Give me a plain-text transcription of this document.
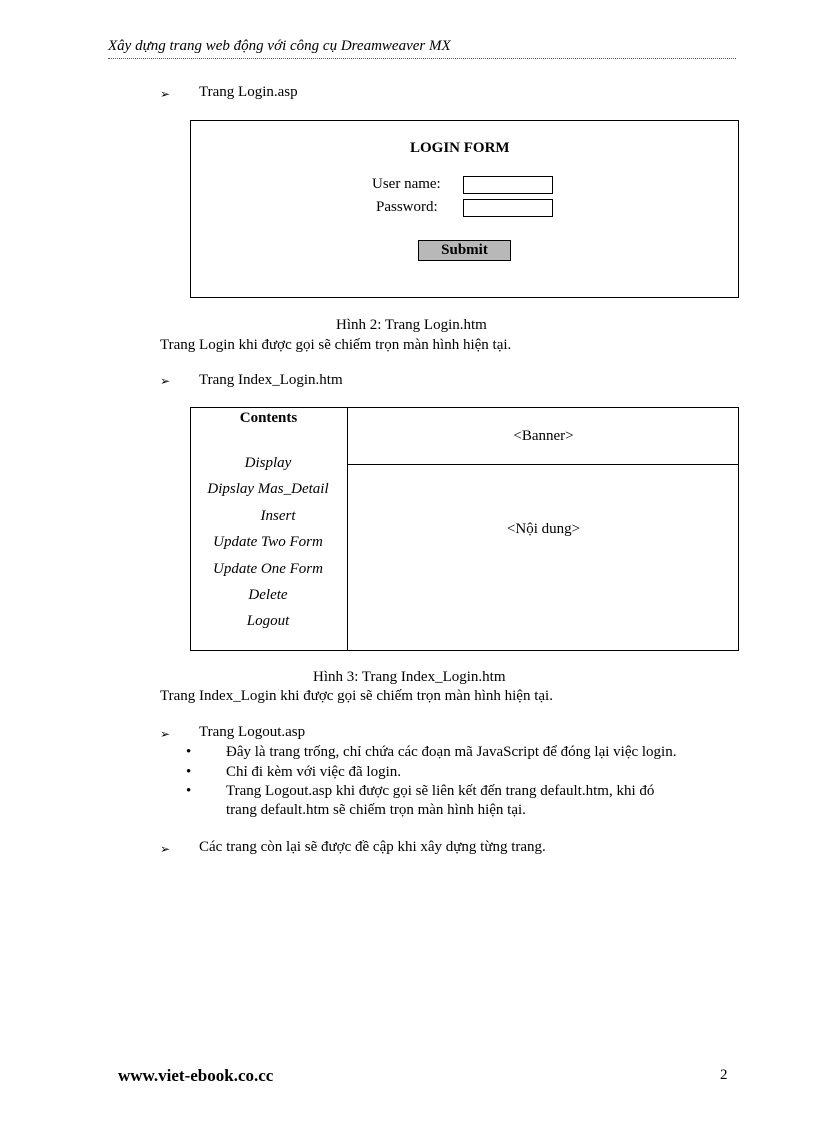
Xây dựng trang web động với công cụ Dreamweaver MX
➢ Trang Login.asp
LOGIN FORM
User name:
Password:
Submit
Hình 2: Trang Login.htm
Trang Login khi được gọi sẽ chiếm trọn màn hình hiện tại.
➢ Trang Index_Login.htm
Contents
Display
Dipslay Mas_Detail
Insert
Update Two Form
Update One Form
Delete
Logout
<Banner>
<Nội dung>
Hình 3: Trang Index_Login.htm
Trang Index_Login khi được gọi sẽ chiếm trọn màn hình hiện tại.
➢ Trang Logout.asp
• Đây là trang trống, chỉ chứa các đoạn mã JavaScript để đóng lại việc login.
• Chỉ đi kèm với việc đã login.
• Trang Logout.asp khi được gọi sẽ liên kết đến trang default.htm, khi đó
trang default.htm sẽ chiếm trọn màn hình hiện tại.
➢ Các trang còn lại sẽ được đề cập khi xây dựng từng trang.
www.viet-ebook.co.cc	2
